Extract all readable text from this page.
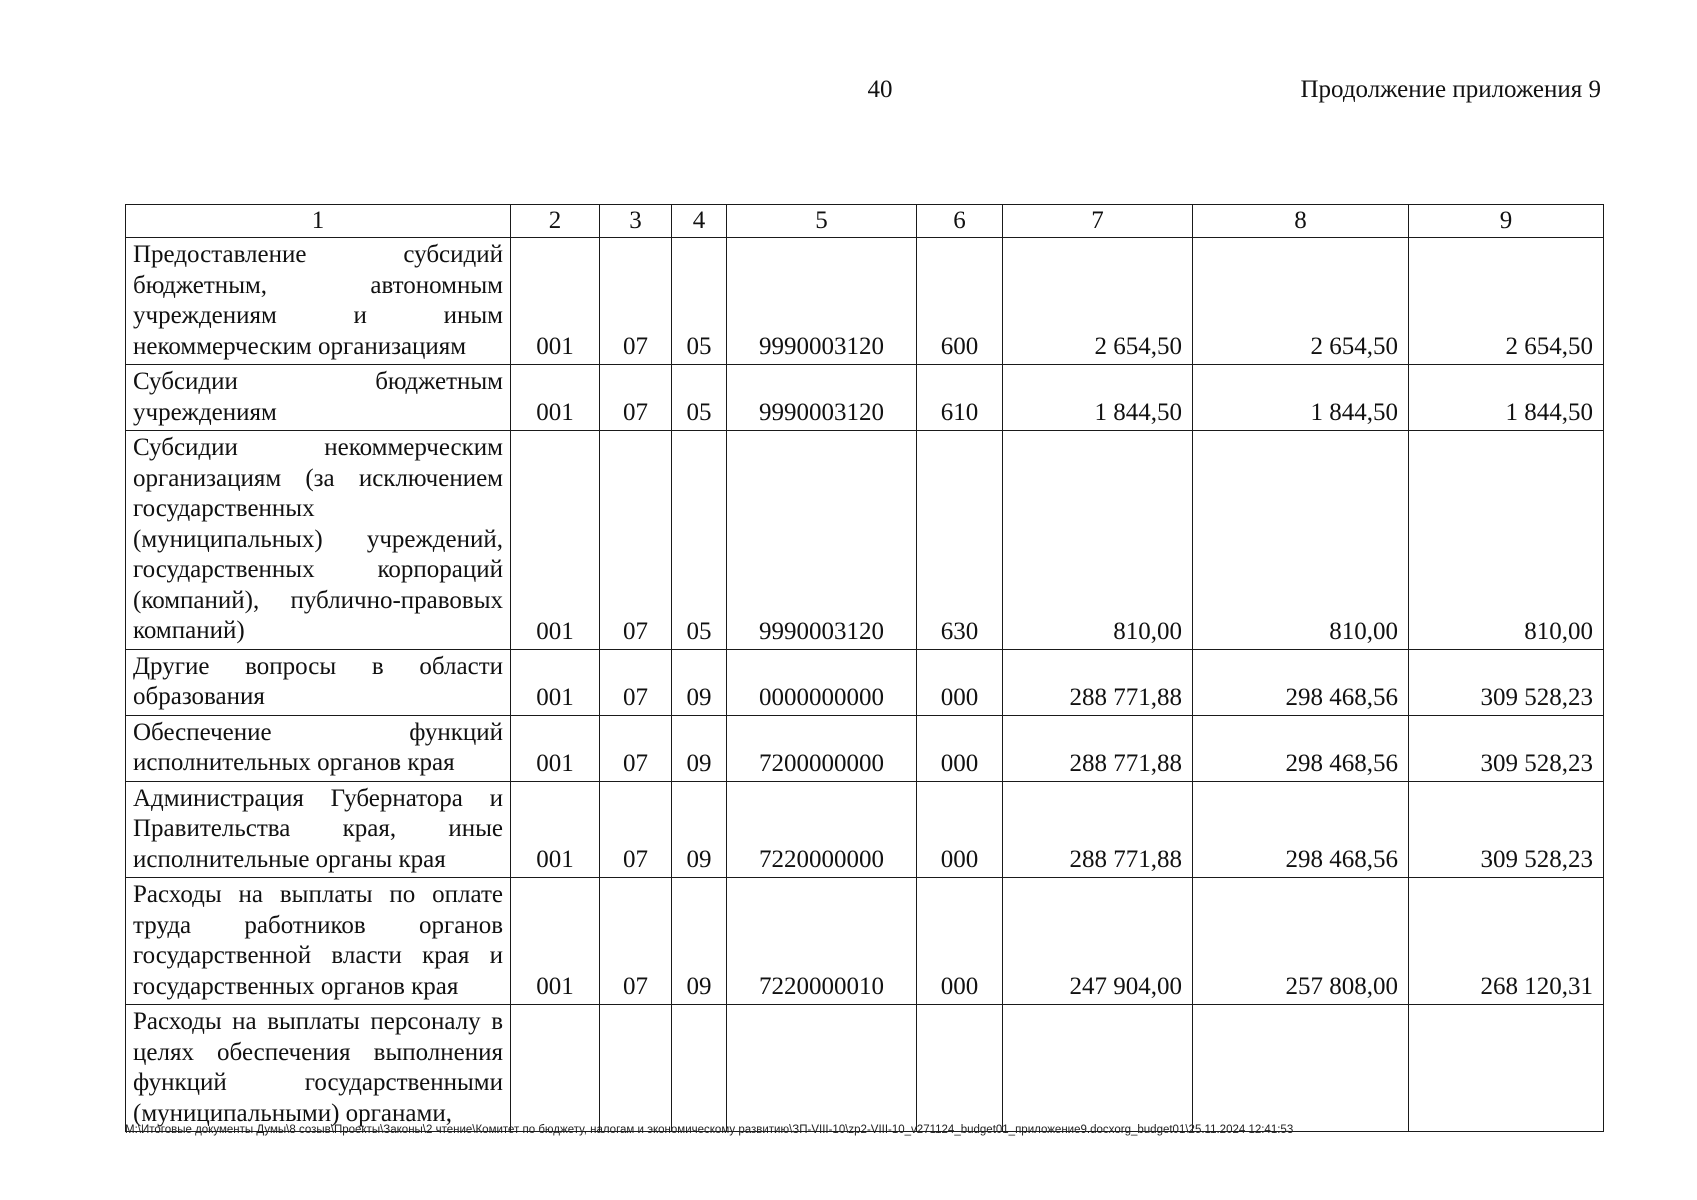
40	Продолжение приложения 9
1	2	3	4	5	6	7	8	9
Предоставление субсидий бюджетным, автономным учреждениям и иным некоммерческим организациям	001	07	05	9990003120	600	2 654,50	2 654,50	2 654,50
Субсидии бюджетным учреждениям	001	07	05	9990003120	610	1 844,50	1 844,50	1 844,50
Субсидии некоммерческим организациям (за исключением государственных (муниципальных) учреждений, государственных корпораций (компаний), публично-правовых компаний)	001	07	05	9990003120	630	810,00	810,00	810,00
Другие вопросы в области образования	001	07	09	0000000000	000	288 771,88	298 468,56	309 528,23
Обеспечение функций исполнительных органов края	001	07	09	7200000000	000	288 771,88	298 468,56	309 528,23
Администрация Губернатора и Правительства края, иные исполнительные органы края	001	07	09	7220000000	000	288 771,88	298 468,56	309 528,23
Расходы на выплаты по оплате труда работников органов государственной власти края и государственных органов края	001	07	09	7220000010	000	247 904,00	257 808,00	268 120,31
Расходы на выплаты персоналу в целях обеспечения выполнения функций государственными (муниципальными) органами,								
M:\Итоговые документы Думы\8 созыв\Проекты\Законы\2 чтение\Комитет по бюджету, налогам и экономическому развитию\ЗП-VIII-10\zp2-VIII-10_v271124_budget01_приложение9.docxorg_budget01\25.11.2024 12:41:53
